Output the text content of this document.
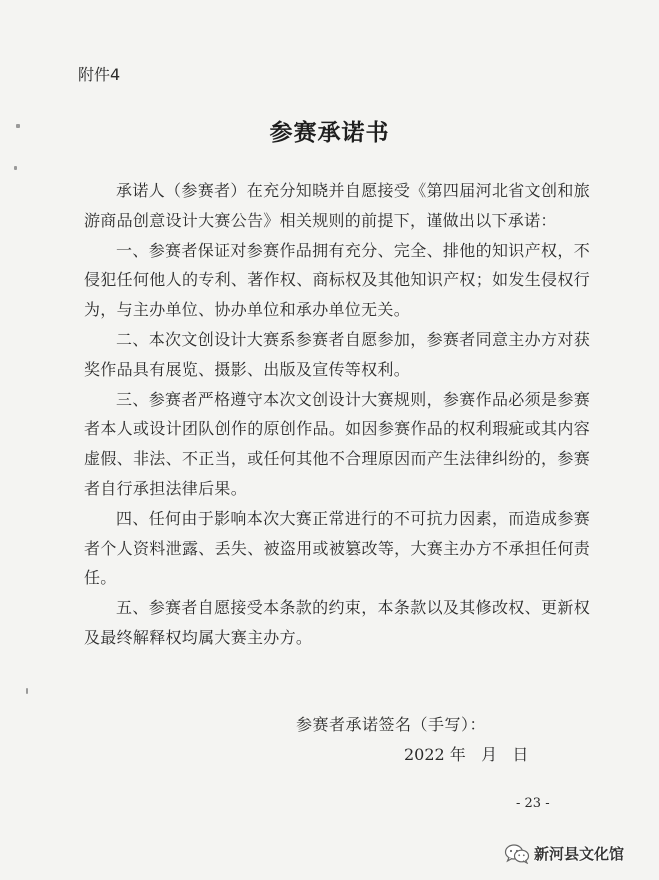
附件4
参赛承诺书

承诺人（参赛者）在充分知晓并自愿接受《第四届河北省文创和旅游商品创意设计大赛公告》相关规则的前提下，谨做出以下承诺：

一、参赛者保证对参赛作品拥有充分、完全、排他的知识产权，不侵犯任何他人的专利、著作权、商标权及其他知识产权；如发生侵权行为，与主办单位、协办单位和承办单位无关。

二、本次文创设计大赛系参赛者自愿参加，参赛者同意主办方对获奖作品具有展览、摄影、出版及宣传等权利。

三、参赛者严格遵守本次文创设计大赛规则，参赛作品必须是参赛者本人或设计团队创作的原创作品。如因参赛作品的权利瑕疵或其内容虚假、非法、不正当，或任何其他不合理原因而产生法律纠纷的，参赛者自行承担法律后果。

四、任何由于影响本次大赛正常进行的不可抗力因素，而造成参赛者个人资料泄露、丢失、被盗用或被篡改等，大赛主办方不承担任何责任。

五、参赛者自愿接受本条款的约束，本条款以及其修改权、更新权及最终解释权均属大赛主办方。

参赛者承诺签名（手写）：
2022 年   月   日
- 23 -
新河县文化馆
